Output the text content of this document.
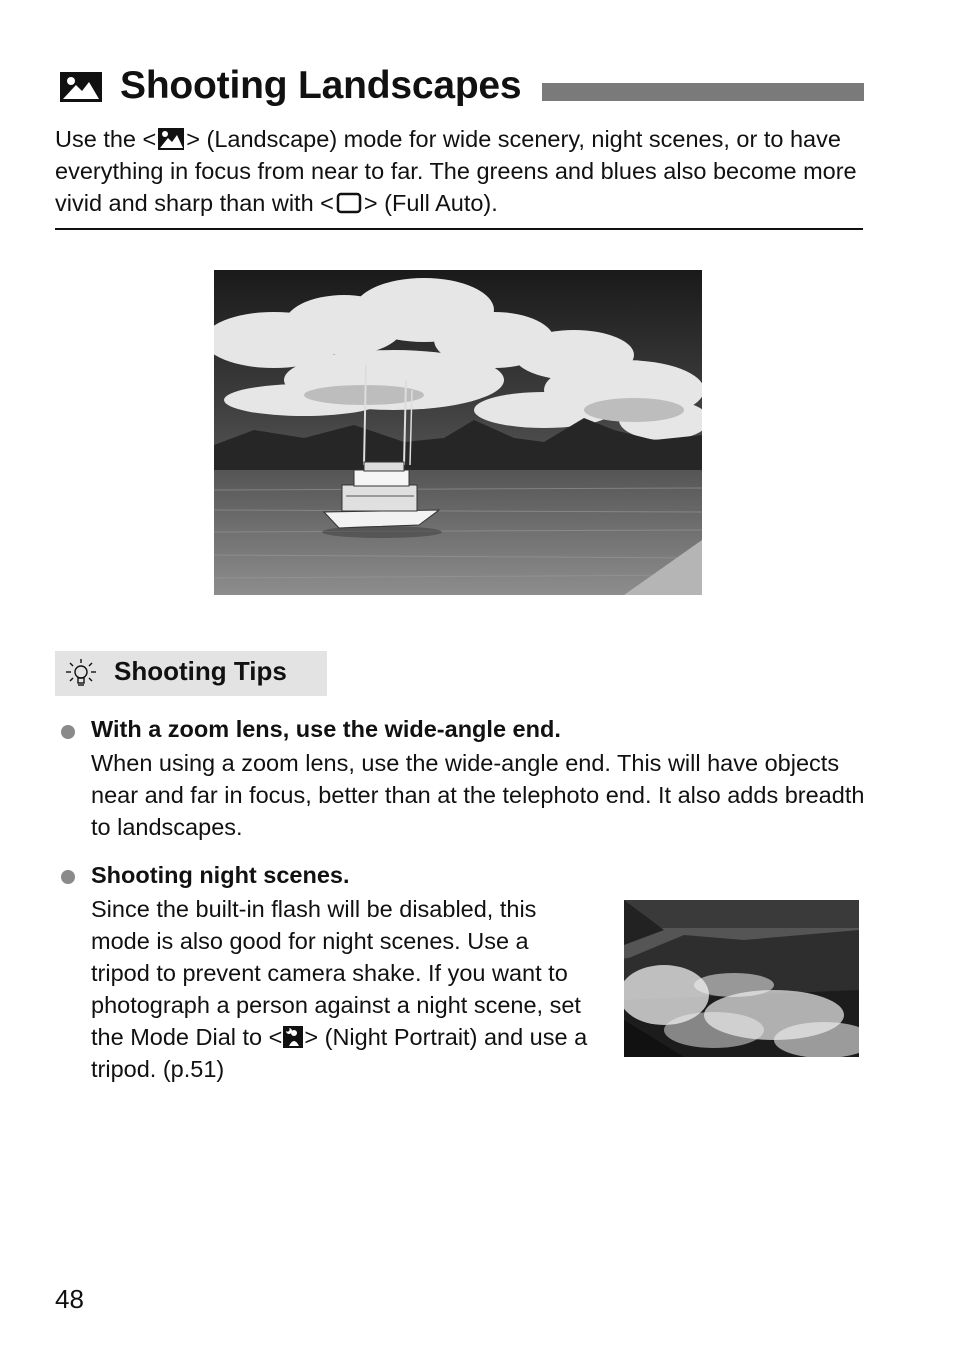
Shooting Landscapes
Use the < > (Landscape) mode for wide scenery, night scenes, or to have everything in focus from near to far. The greens and blues also become more vivid and sharp than with < > (Full Auto).
Shooting Tips
With a zoom lens, use the wide-angle end.
When using a zoom lens, use the wide-angle end. This will have objects near and far in focus, better than at the telephoto end. It also adds breadth to landscapes.
Shooting night scenes.
Since the built-in flash will be disabled, this mode is also good for night scenes. Use a tripod to prevent camera shake. If you want to photograph a person against a night scene, set the Mode Dial to < > (Night Portrait) and use a tripod. (p.51)
48
